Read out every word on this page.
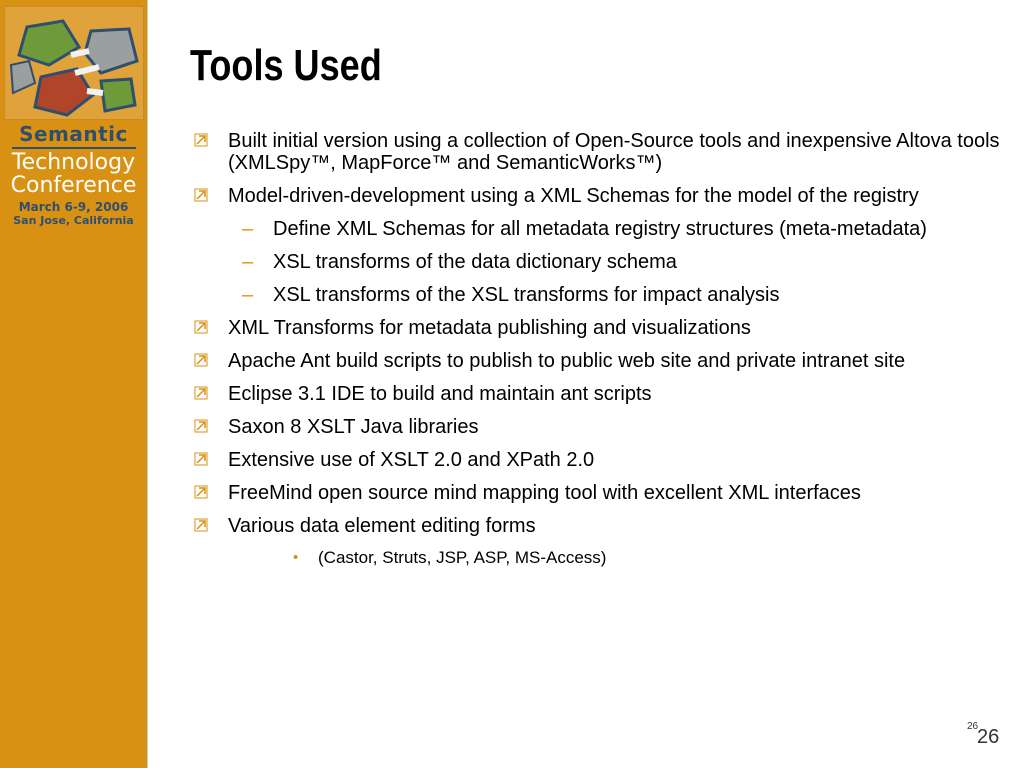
Semantic
Technology
Conference
March 6-9, 2006
San Jose, California
Tools Used
Built initial version using a collection of Open-Source tools and inexpensive Altova tools (XMLSpy™, MapForce™ and SemanticWorks™)
Model-driven-development using a XML Schemas for the model of the registry
– Define XML Schemas for all metadata registry structures (meta-metadata)
– XSL transforms of the data dictionary schema
– XSL transforms of the XSL transforms for impact analysis
XML Transforms for metadata publishing and visualizations
Apache Ant build scripts to publish to public web site and private intranet site
Eclipse 3.1 IDE to build and maintain ant scripts
Saxon 8 XSLT Java libraries
Extensive use of XSLT 2.0 and XPath 2.0
FreeMind open source mind mapping tool with excellent XML interfaces
Various data element editing forms
• (Castor, Struts, JSP, ASP, MS-Access)
26
26
